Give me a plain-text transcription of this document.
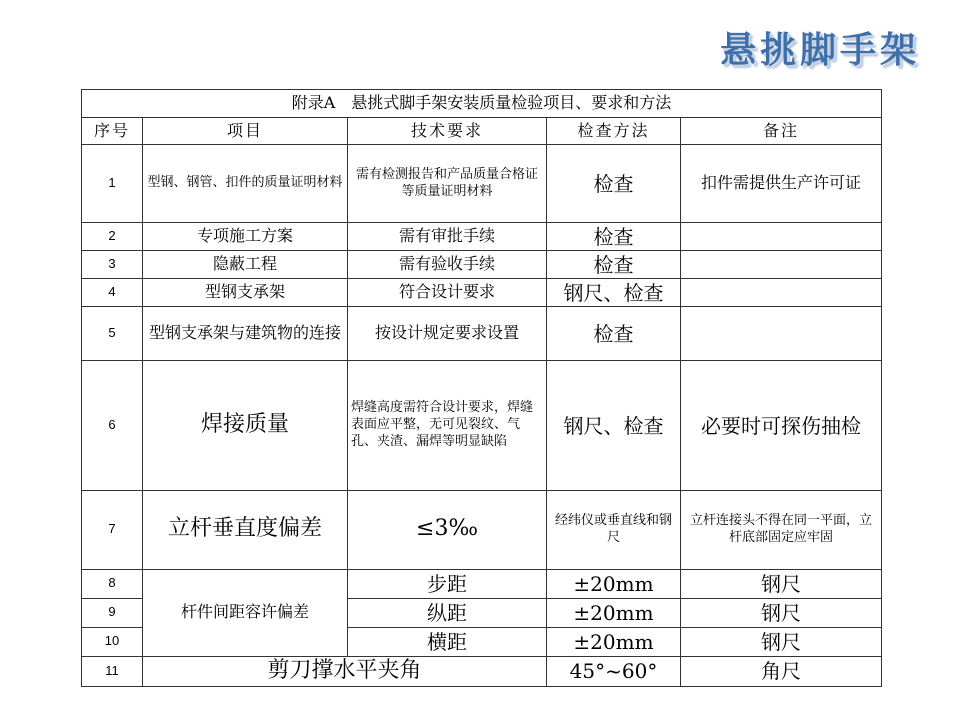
悬挑脚手架
附录A　悬挑式脚手架安装质量检验项目、要求和方法				
序号	项目	技术要求	检查方法	备注
1	型钢、钢管、扣件的质量证明材料	需有检测报告和产品质量合格证等质量证明材料	检查	扣件需提供生产许可证
2	专项施工方案	需有审批手续	检查	
3	隐蔽工程	需有验收手续	检查	
4	型钢支承架	符合设计要求	钢尺、检查	
5	型钢支承架与建筑物的连接	按设计规定要求设置	检查	
6	焊接质量	焊缝高度需符合设计要求，焊缝表面应平整，无可见裂纹、气孔、夹渣、漏焊等明显缺陷	钢尺、检查	必要时可探伤抽检
7	立杆垂直度偏差	≤3‰	经纬仪或垂直线和钢尺	立杆连接头不得在同一平面，立杆底部固定应牢固
8	杆件间距容许偏差	步距	±20mm	钢尺
9		纵距	±20mm	钢尺
10		横距	±20mm	钢尺
11	剪刀撑水平夹角		45°~60°	角尺
